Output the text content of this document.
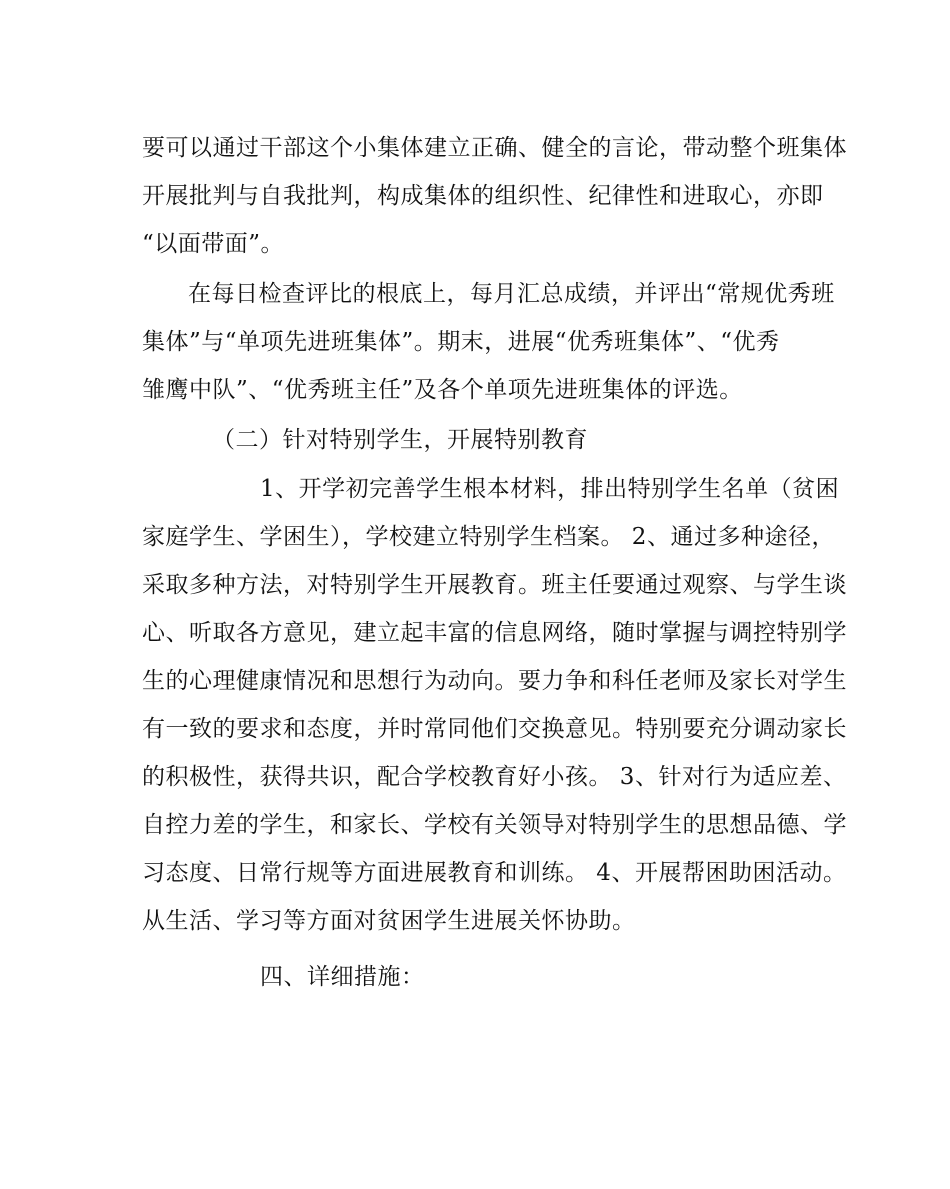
要可以通过干部这个小集体建立正确、健全的言论，带动整个班集体
开展批判与自我批判，构成集体的组织性、纪律性和进取心，亦即
“以面带面”。
在每日检查评比的根底上，每月汇总成绩，并评出“常规优秀班
集体”与“单项先进班集体”。期末，进展“优秀班集体”、“优秀
雏鹰中队”、“优秀班主任”及各个单项先进班集体的评选。
（二）针对特别学生，开展特别教育
1、开学初完善学生根本材料，排出特别学生名单（贫困
家庭学生、学困生），学校建立特别学生档案。 2、通过多种途径，
采取多种方法，对特别学生开展教育。班主任要通过观察、与学生谈
心、听取各方意见，建立起丰富的信息网络，随时掌握与调控特别学
生的心理健康情况和思想行为动向。要力争和科任老师及家长对学生
有一致的要求和态度，并时常同他们交换意见。特别要充分调动家长
的积极性，获得共识，配合学校教育好小孩。 3、针对行为适应差、
自控力差的学生，和家长、学校有关领导对特别学生的思想品德、学
习态度、日常行规等方面进展教育和训练。 4、开展帮困助困活动。
从生活、学习等方面对贫困学生进展关怀协助。
四、详细措施：
